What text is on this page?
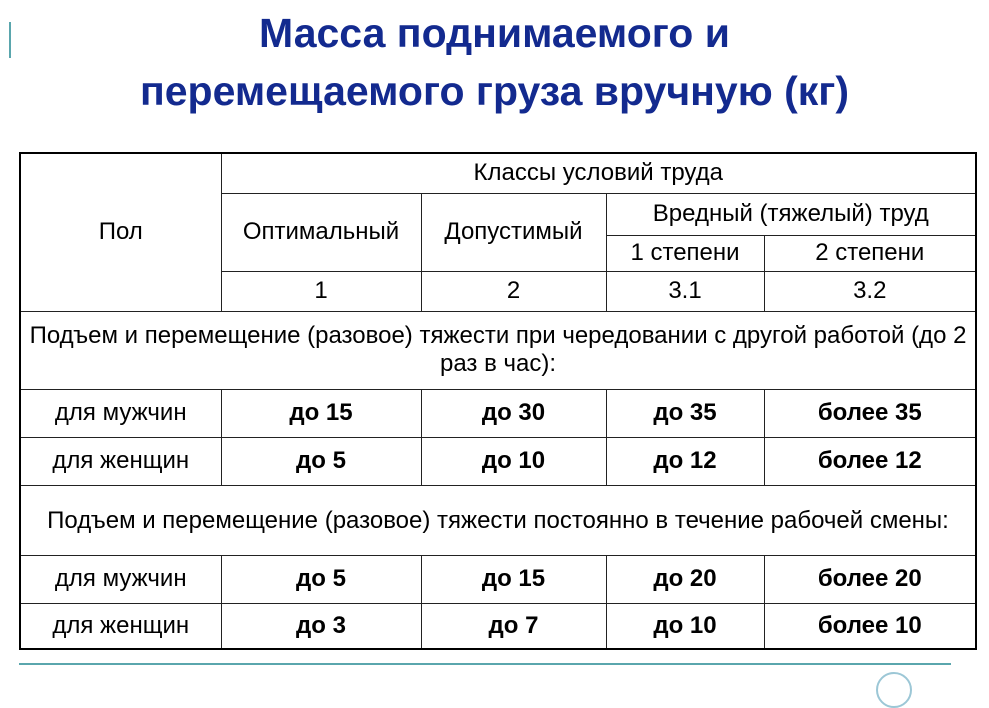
Масса поднимаемого и
перемещаемого груза вручную (кг)
Пол	Классы условий труда			
	Оптимальный	Допустимый	Вредный (тяжелый) труд	
			1 степени	2 степени
	1	2	3.1	3.2
Подъем и перемещение (разовое) тяжести при чередовании с другой работой (до 2 раз в час):				
для мужчин	до 15	до 30	до 35	более 35
для женщин	до 5	до 10	до 12	более 12
Подъем и перемещение (разовое) тяжести постоянно в течение рабочей смены:				
для мужчин	до 5	до 15	до 20	более 20
для женщин	до 3	до 7	до 10	более 10
